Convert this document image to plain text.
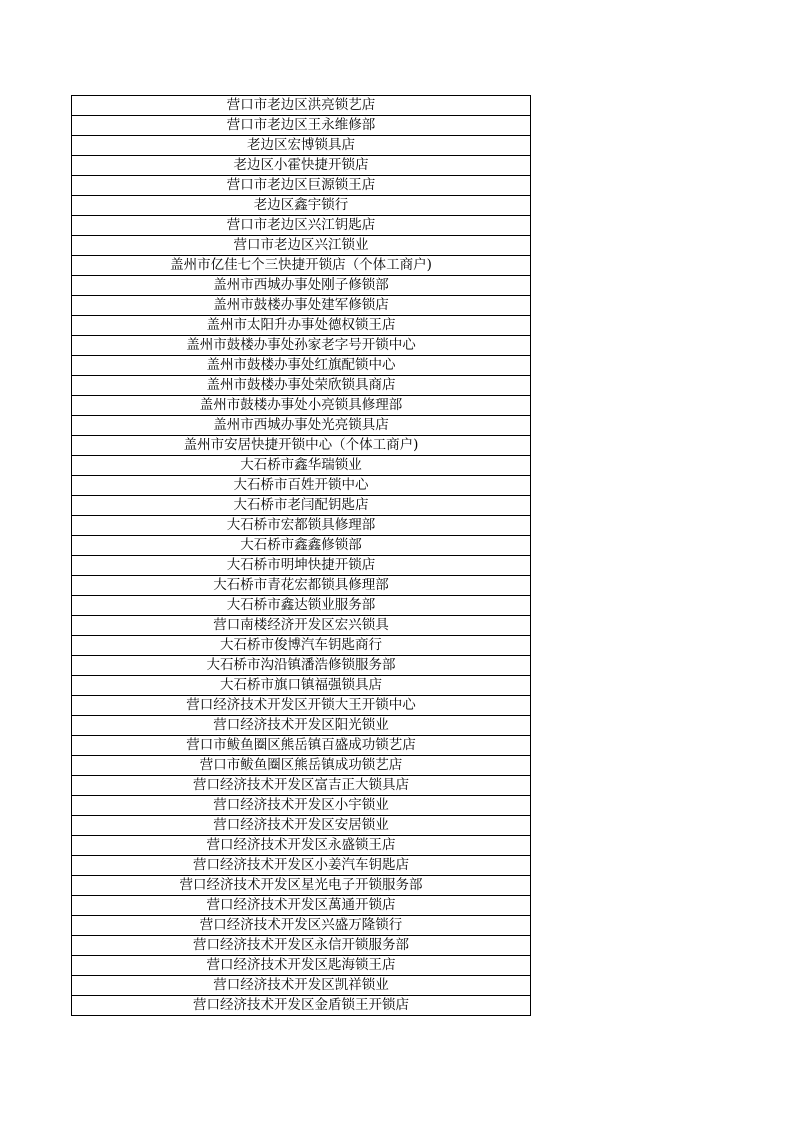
营口市老边区洪亮锁艺店
营口市老边区王永维修部
老边区宏博锁具店
老边区小霍快捷开锁店
营口市老边区巨源锁王店
老边区鑫宇锁行
营口市老边区兴江钥匙店
营口市老边区兴江锁业
盖州市亿佳七个三快捷开锁店（个体工商户)
盖州市西城办事处刚子修锁部
盖州市鼓楼办事处建军修锁店
盖州市太阳升办事处德权锁王店
盖州市鼓楼办事处孙家老字号开锁中心
盖州市鼓楼办事处红旗配锁中心
盖州市鼓楼办事处荣欣锁具商店
盖州市鼓楼办事处小亮锁具修理部
盖州市西城办事处光亮锁具店
盖州市安居快捷开锁中心（个体工商户)
大石桥市鑫华瑞锁业
大石桥市百姓开锁中心
大石桥市老闫配钥匙店
大石桥市宏都锁具修理部
大石桥市鑫鑫修锁部
大石桥市明坤快捷开锁店
大石桥市青花宏都锁具修理部
大石桥市鑫达锁业服务部
营口南楼经济开发区宏兴锁具
大石桥市俊博汽车钥匙商行
大石桥市沟沿镇潘浩修锁服务部
大石桥市旗口镇福强锁具店
营口经济技术开发区开锁大王开锁中心
营口经济技术开发区阳光锁业
营口市鲅鱼圈区熊岳镇百盛成功锁艺店
营口市鲅鱼圈区熊岳镇成功锁艺店
营口经济技术开发区富吉正大锁具店
营口经济技术开发区小宇锁业
营口经济技术开发区安居锁业
营口经济技术开发区永盛锁王店
营口经济技术开发区小姜汽车钥匙店
营口经济技术开发区星光电子开锁服务部
营口经济技术开发区萬通开锁店
营口经济技术开发区兴盛万隆锁行
营口经济技术开发区永信开锁服务部
营口经济技术开发区匙海锁王店
营口经济技术开发区凯祥锁业
营口经济技术开发区金盾锁王开锁店
